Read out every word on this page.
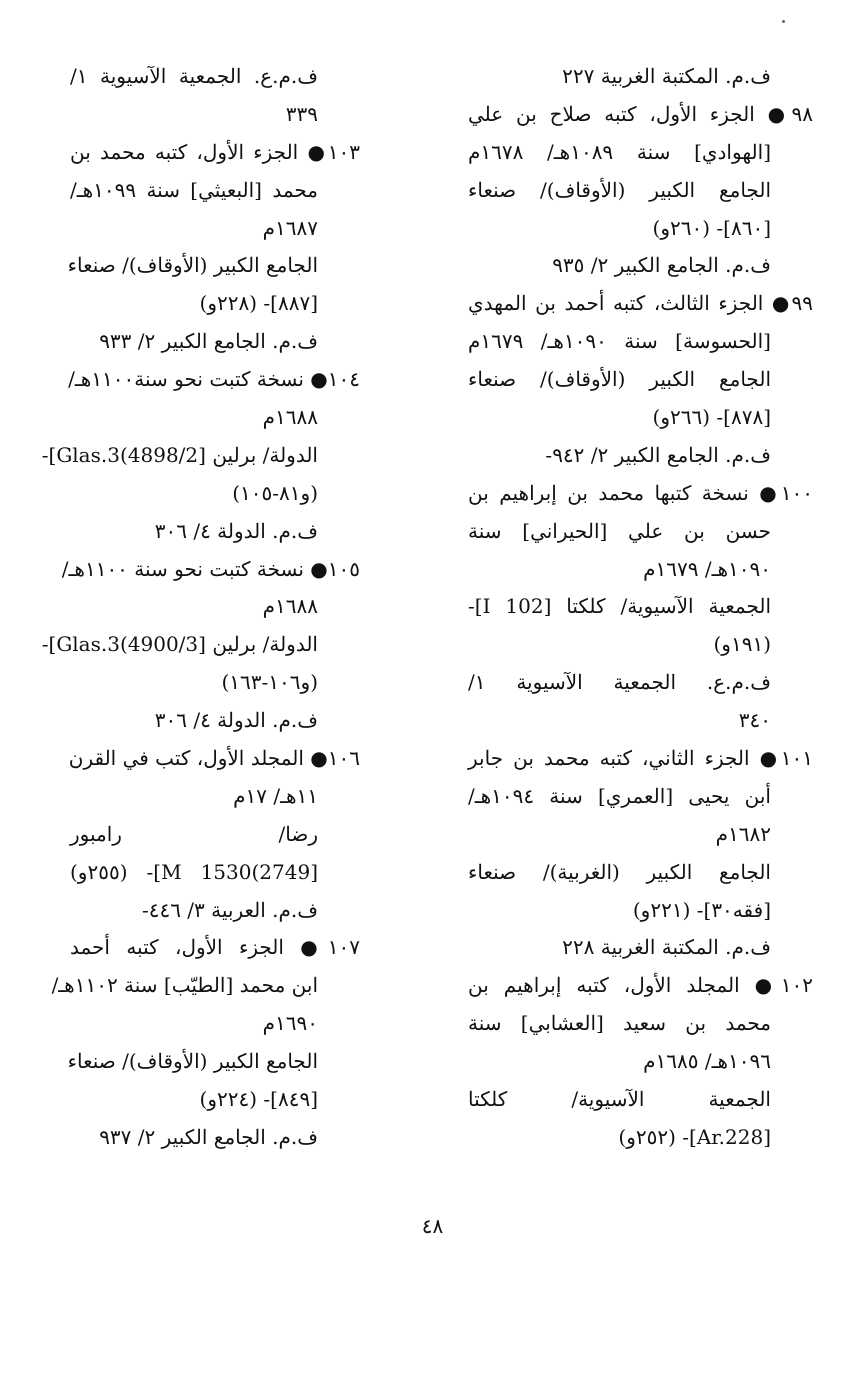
ف.م. المكتبة الغربية ٢٢٧
٩٨● الجزء الأول، كتبه صلاح بن علي
[الهوادي] سنة ١٠٨٩هـ/ ١٦٧٨م
الجامع الكبير (الأوقاف)/ صنعاء
[٨٦٠]- (٢٦٠و)
ف.م. الجامع الكبير ٢/ ٩٣٥
٩٩● الجزء الثالث، كتبه أحمد بن المهدي
[الحسوسة] سنة ١٠٩٠هـ/ ١٦٧٩م
الجامع الكبير (الأوقاف)/ صنعاء
[٨٧٨]- (٢٦٦و)
ف.م. الجامع الكبير ٢/ ٩٤٢-
١٠٠● نسخة كتبها محمد بن إبراهيم بن
حسن بن علي [الحيراني] سنة
١٠٩٠هـ/ ١٦٧٩م
الجمعية الآسيوية/ كلكتا [102 I]-
(١٩١و)
ف.م.ع. الجمعية الآسيوية ١/
٣٤٠
١٠١● الجزء الثاني، كتبه محمد بن جابر
أبن يحيى [العمري] سنة ١٠٩٤هـ/
١٦٨٢م
الجامع الكبير (الغربية)/ صنعاء
[فقه٣٠]- (٢٢١و)
ف.م. المكتبة الغربية ٢٢٨
١٠٢● المجلد الأول، كتبه إبراهيم بن
محمد بن سعيد [العشابي] سنة
١٠٩٦هـ/ ١٦٨٥م
الجمعية الآسيوية/ كلكتا
[Ar.228]- (٢٥٢و)
ف.م.ع. الجمعية الآسيوية ١/
٣٣٩
١٠٣● الجزء الأول، كتبه محمد بن
محمد [البعيثي] سنة ١٠٩٩هـ/
١٦٨٧م
الجامع الكبير (الأوقاف)/ صنعاء
[٨٨٧]- (٢٢٨و)
ف.م. الجامع الكبير ٢/ ٩٣٣
١٠٤● نسخة كتبت نحو سنة١١٠٠هـ/
١٦٨٨م
الدولة/ برلين [4898/2)Glas.3]-
(و٨١-١٠٥)
ف.م. الدولة ٤/ ٣٠٦
١٠٥● نسخة كتبت نحو سنة ١١٠٠هـ/
١٦٨٨م
الدولة/ برلين [4900/3)Glas.3]-
(و١٠٦-١٦٣)
ف.م. الدولة ٤/ ٣٠٦
١٠٦● المجلد الأول، كتب في القرن
١١هـ/ ١٧م
رضا/ رامبور
[2749)1530 M]- (٢٥٥و)
ف.م. العربية ٣/ ٤٤٦-
١٠٧● الجزء الأول، كتبه أحمد
ابن محمد [الطيّب] سنة ١١٠٢هـ/
١٦٩٠م
الجامع الكبير (الأوقاف)/ صنعاء
[٨٤٩]- (٢٢٤و)
ف.م. الجامع الكبير ٢/ ٩٣٧
٤٨
